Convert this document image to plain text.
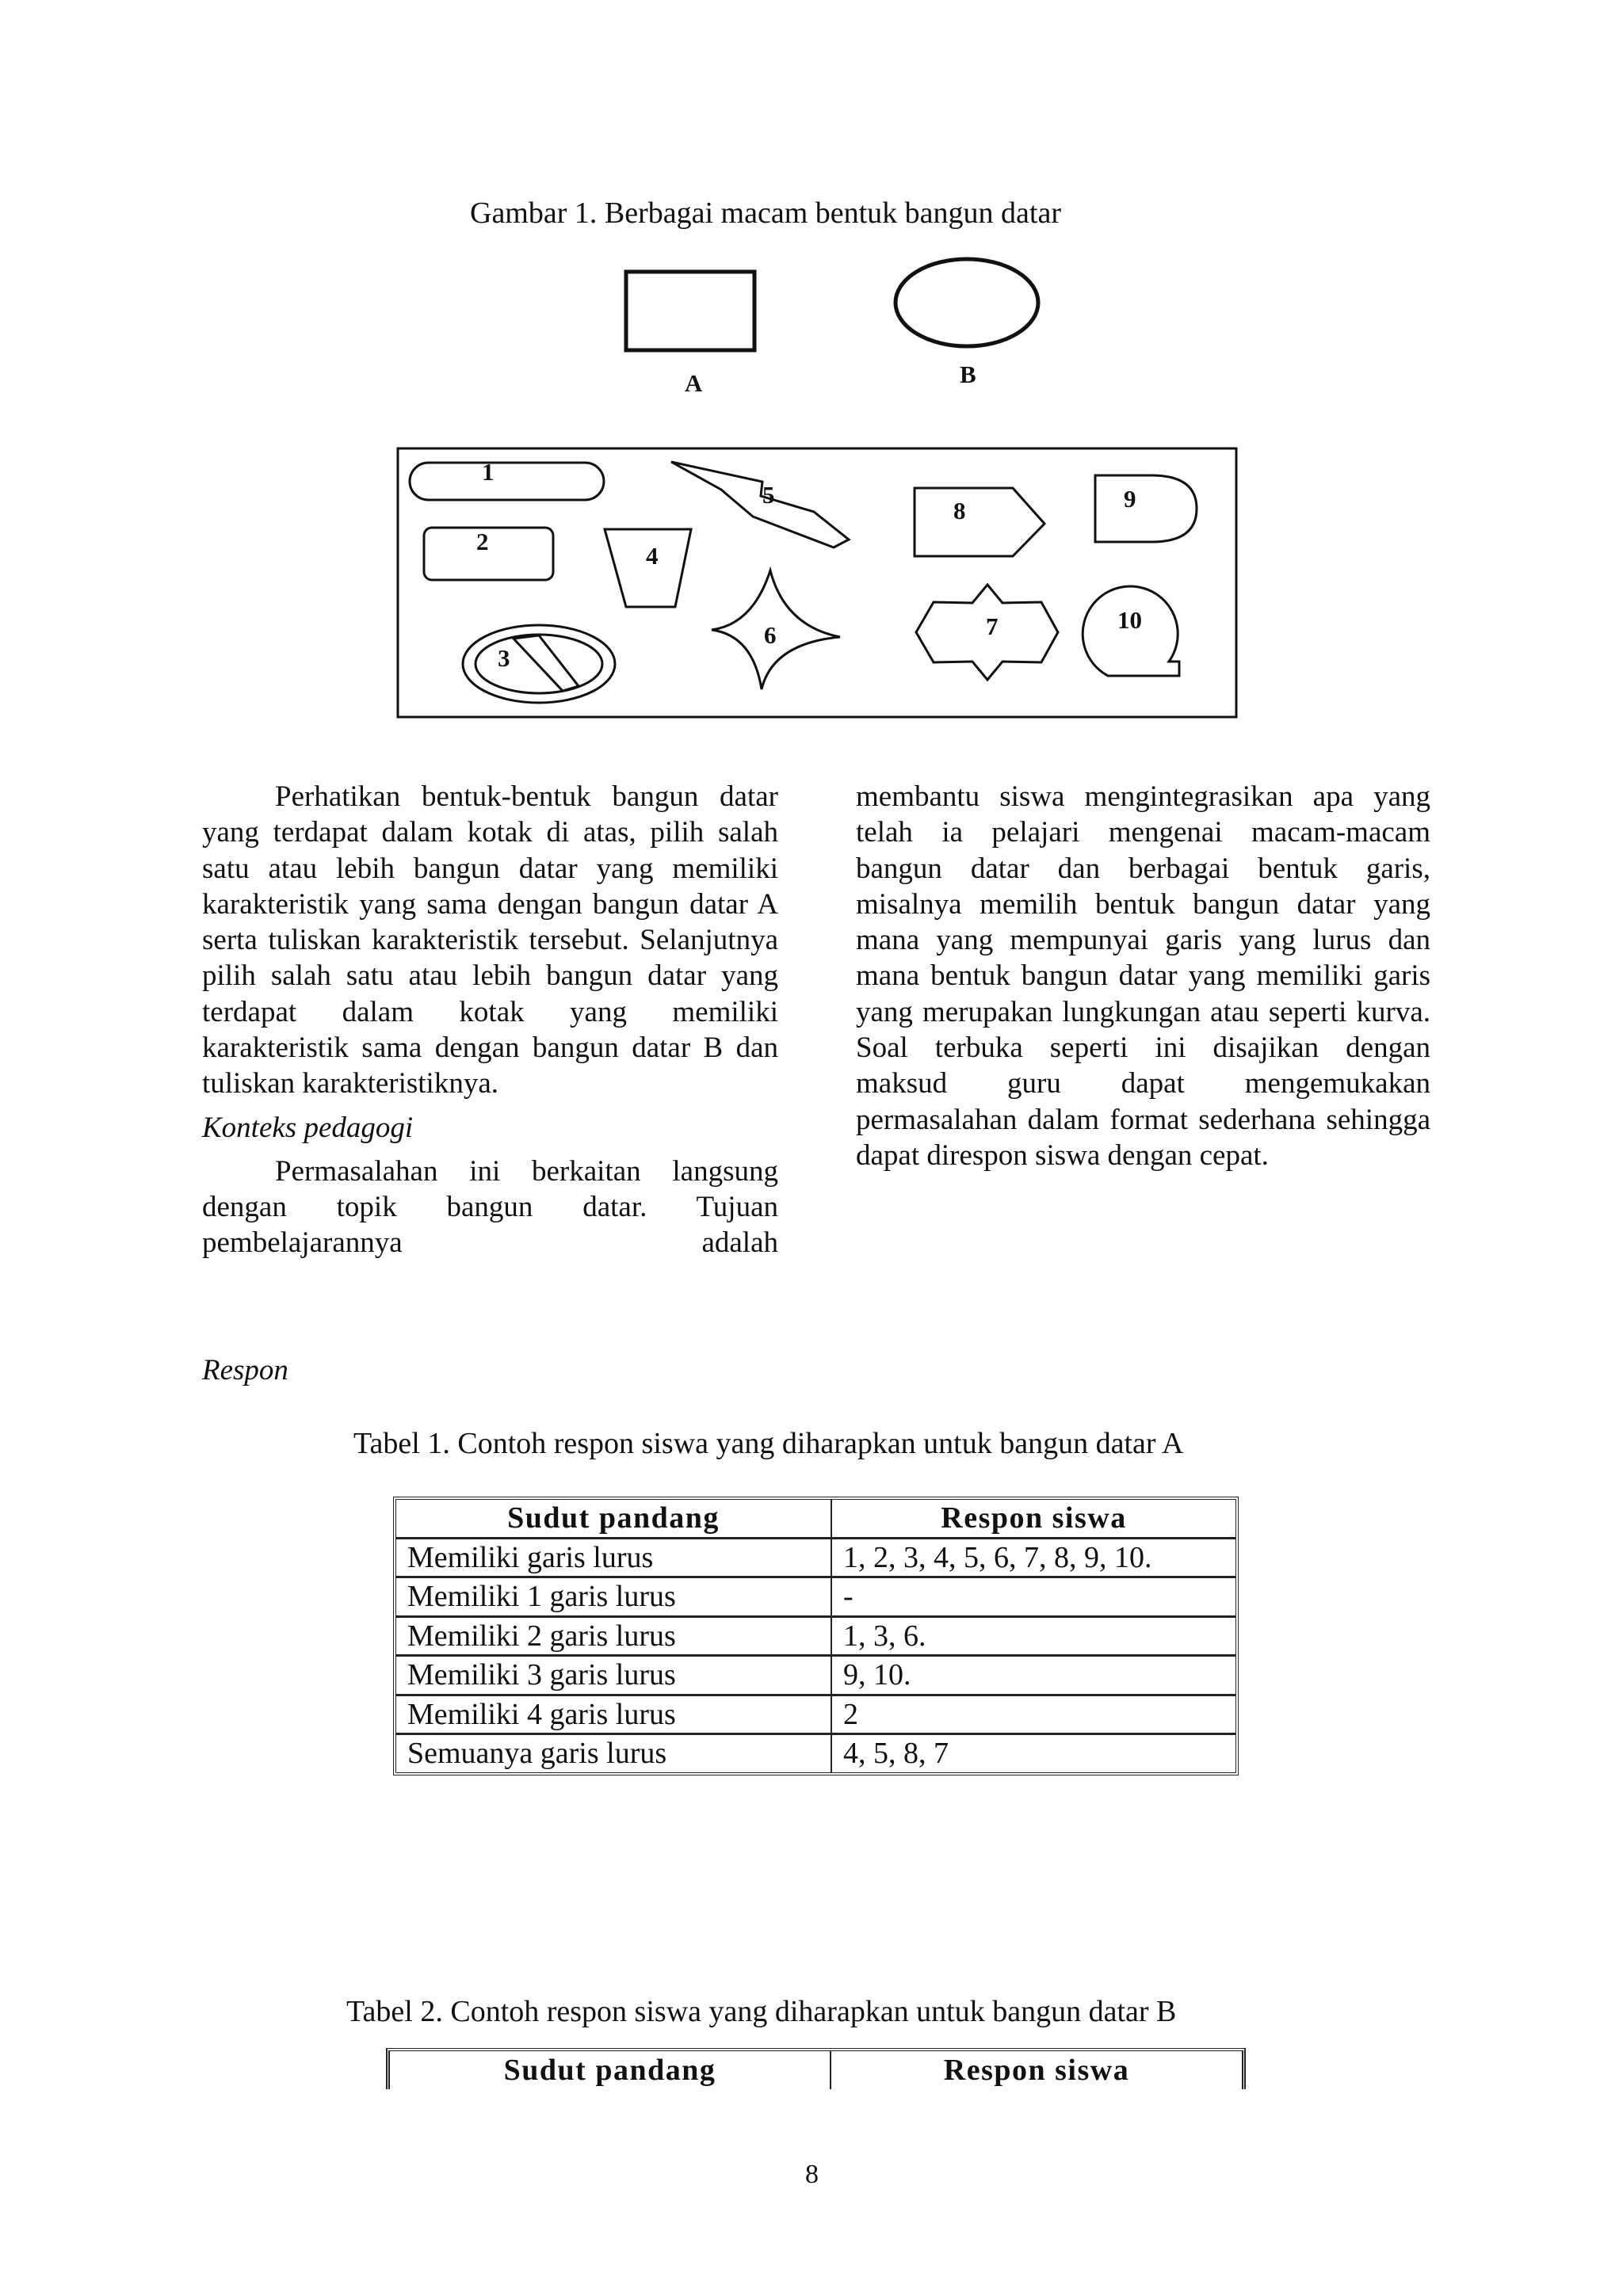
Gambar 1. Berbagai macam bentuk bangun datar
A	B
1
2
3
4
5
6	7
8	9
10

Perhatikan bentuk-bentuk bangun datar yang terdapat dalam kotak di atas, pilih salah satu atau lebih bangun datar yang memiliki karakteristik yang sama dengan bangun datar A serta tuliskan karakteristik tersebut. Selanjutnya pilih salah satu atau lebih bangun datar yang terdapat dalam kotak yang memiliki karakteristik sama dengan bangun datar B dan tuliskan karakteristiknya.

Konteks pedagogi

Permasalahan ini berkaitan langsung dengan topik bangun datar. Tujuan pembelajarannya adalah

membantu siswa mengintegrasikan apa yang telah ia pelajari mengenai macam-macam bangun datar dan berbagai bentuk garis, misalnya memilih bentuk bangun datar yang mana yang mempunyai garis yang lurus dan mana bentuk bangun datar yang memiliki garis yang merupakan lungkungan atau seperti kurva. Soal terbuka seperti ini disajikan dengan maksud guru dapat mengemukakan permasalahan dalam format sederhana sehingga dapat direspon siswa dengan cepat.

Respon
Tabel 1. Contoh respon siswa yang diharapkan untuk bangun datar A
Sudut pandang	Respon siswa
Memiliki garis lurus	1, 2, 3, 4, 5, 6, 7, 8, 9, 10.
Memiliki 1 garis lurus	-
Memiliki 2 garis lurus	1, 3, 6.
Memiliki 3 garis lurus	9, 10.
Memiliki 4 garis lurus	2
Semuanya garis lurus	4, 5, 8, 7
Tabel 2. Contoh respon siswa yang diharapkan untuk bangun datar B
Sudut pandang	Respon siswa
8
